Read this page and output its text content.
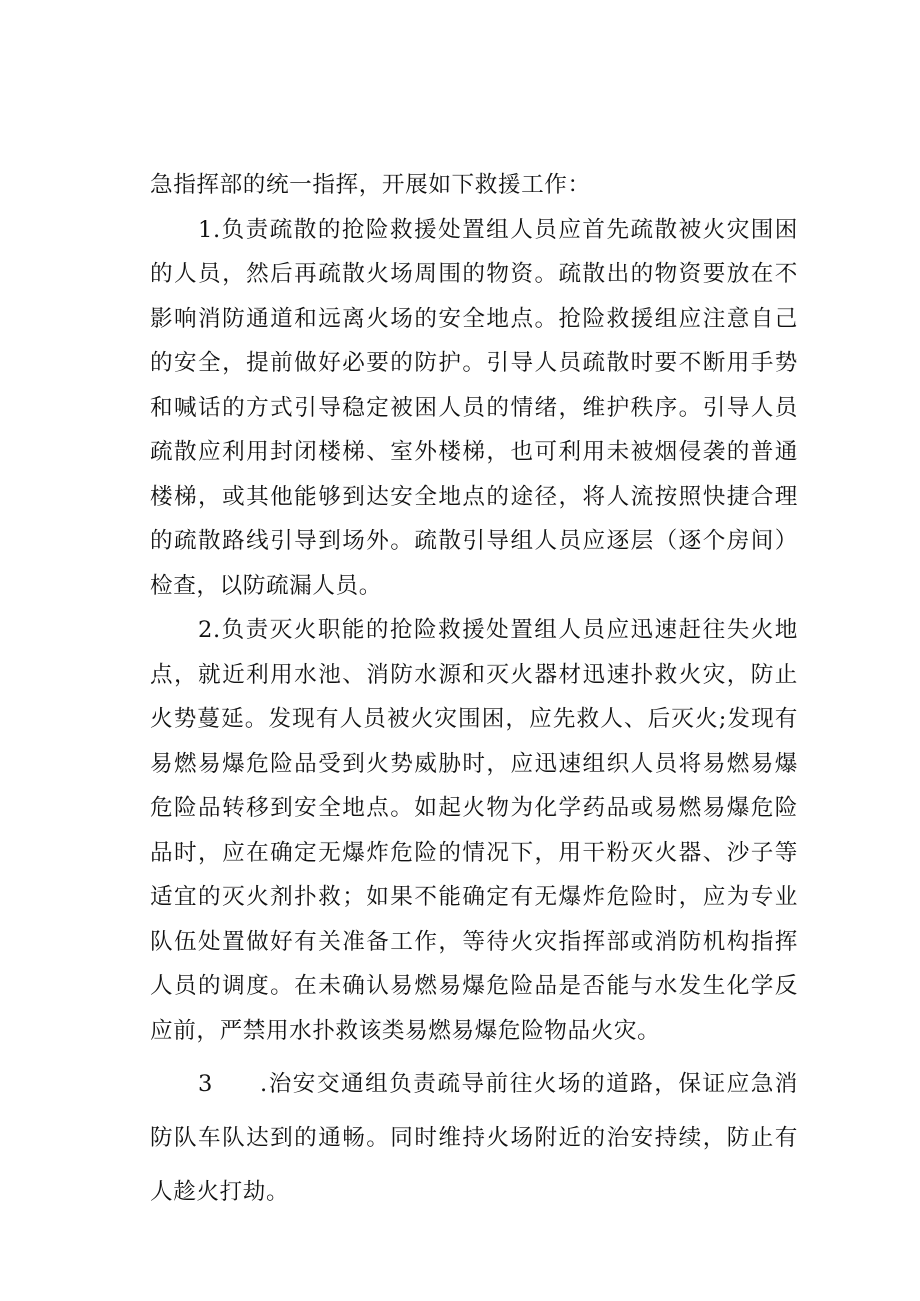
急指挥部的统一指挥，开展如下救援工作：

1.负责疏散的抢险救援处置组人员应首先疏散被火灾围困的人员，然后再疏散火场周围的物资。疏散出的物资要放在不影响消防通道和远离火场的安全地点。抢险救援组应注意自己的安全，提前做好必要的防护。引导人员疏散时要不断用手势和喊话的方式引导稳定被困人员的情绪，维护秩序。引导人员疏散应利用封闭楼梯、室外楼梯，也可利用未被烟侵袭的普通楼梯，或其他能够到达安全地点的途径，将人流按照快捷合理的疏散路线引导到场外。疏散引导组人员应逐层（逐个房间）检查，以防疏漏人员。

2.负责灭火职能的抢险救援处置组人员应迅速赶往失火地点，就近利用水池、消防水源和灭火器材迅速扑救火灾，防止火势蔓延。发现有人员被火灾围困，应先救人、后灭火;发现有易燃易爆危险品受到火势威胁时，应迅速组织人员将易燃易爆危险品转移到安全地点。如起火物为化学药品或易燃易爆危险品时，应在确定无爆炸危险的情况下，用干粉灭火器、沙子等适宜的灭火剂扑救；如果不能确定有无爆炸危险时，应为专业队伍处置做好有关准备工作，等待火灾指挥部或消防机构指挥人员的调度。在未确认易燃易爆危险品是否能与水发生化学反应前，严禁用水扑救该类易燃易爆危险物品火灾。

3 .治安交通组负责疏导前往火场的道路，保证应急消防队车队达到的通畅。同时维持火场附近的治安持续，防止有人趁火打劫。
